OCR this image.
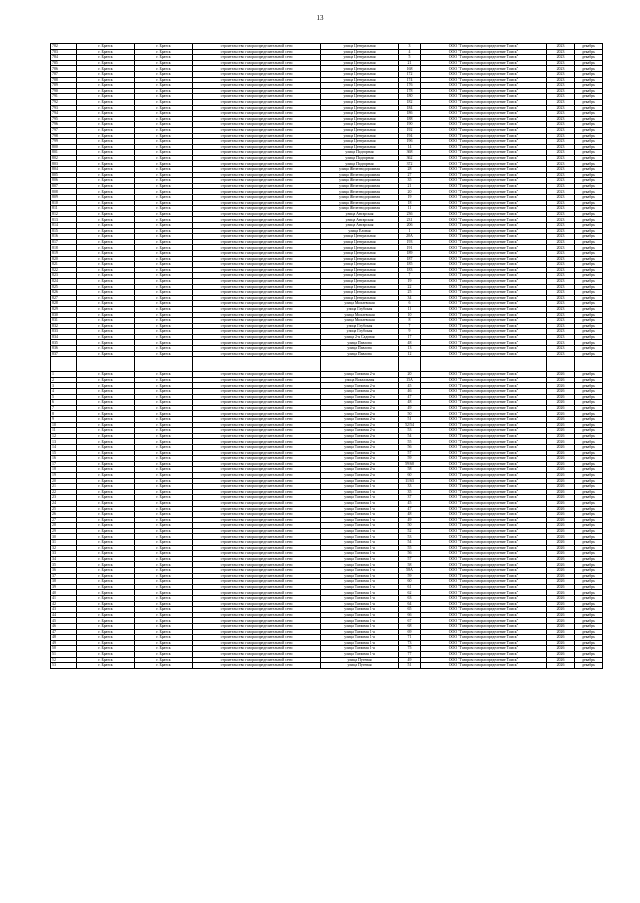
13
782	г. Братск	г. Братск	строительство газораспределительной сети	улица Центральная	3	ООО "Газпром газораспределение Томск"	2023	декабрь
783	г. Братск	г. Братск	строительство газораспределительной сети	улица Центральная	4	ООО "Газпром газораспределение Томск"	2023	декабрь
784	г. Братск	г. Братск	строительство газораспределительной сети	улица Центральная	5	ООО "Газпром газораспределение Томск"	2023	декабрь
785	г. Братск	г. Братск	строительство газораспределительной сети	улица Центральная	21	ООО "Газпром газораспределение Томск"	2023	декабрь
786	г. Братск	г. Братск	строительство газораспределительной сети	улица Центральная	168	ООО "Газпром газораспределение Томск"	2023	декабрь
787	г. Братск	г. Братск	строительство газораспределительной сети	улица Центральная	172	ООО "Газпром газораспределение Томск"	2023	декабрь
788	г. Братск	г. Братск	строительство газораспределительной сети	улица Центральная	174	ООО "Газпром газораспределение Томск"	2023	декабрь
789	г. Братск	г. Братск	строительство газораспределительной сети	улица Центральная	176	ООО "Газпром газораспределение Томск"	2023	декабрь
790	г. Братск	г. Братск	строительство газораспределительной сети	улица Центральная	178	ООО "Газпром газораспределение Томск"	2023	декабрь
791	г. Братск	г. Братск	строительство газораспределительной сети	улица Центральная	180	ООО "Газпром газораспределение Томск"	2023	декабрь
792	г. Братск	г. Братск	строительство газораспределительной сети	улица Центральная	182	ООО "Газпром газораспределение Томск"	2023	декабрь
793	г. Братск	г. Братск	строительство газораспределительной сети	улица Центральная	184	ООО "Газпром газораспределение Томск"	2023	декабрь
794	г. Братск	г. Братск	строительство газораспределительной сети	улица Центральная	186	ООО "Газпром газораспределение Томск"	2023	декабрь
795	г. Братск	г. Братск	строительство газораспределительной сети	улица Центральная	188	ООО "Газпром газораспределение Томск"	2023	декабрь
796	г. Братск	г. Братск	строительство газораспределительной сети	улица Центральная	190	ООО "Газпром газораспределение Томск"	2023	декабрь
797	г. Братск	г. Братск	строительство газораспределительной сети	улица Центральная	192	ООО "Газпром газораспределение Томск"	2023	декабрь
798	г. Братск	г. Братск	строительство газораспределительной сети	улица Центральная	194	ООО "Газпром газораспределение Томск"	2023	декабрь
799	г. Братск	г. Братск	строительство газораспределительной сети	улица Центральная	196	ООО "Газпром газораспределение Томск"	2023	декабрь
800	г. Братск	г. Братск	строительство газораспределительной сети	улица Центральная	14	ООО "Газпром газораспределение Томск"	2023	декабрь
801	г. Братск	г. Братск	строительство газораспределительной сети	улица Подгорная	368	ООО "Газпром газораспределение Томск"	2023	декабрь
802	г. Братск	г. Братск	строительство газораспределительной сети	улица Подгорная	362	ООО "Газпром газораспределение Томск"	2023	декабрь
803	г. Братск	г. Братск	строительство газораспределительной сети	улица Подгорная	372	ООО "Газпром газораспределение Томск"	2023	декабрь
804	г. Братск	г. Братск	строительство газораспределительной сети	улица Железнодорожная	28	ООО "Газпром газораспределение Томск"	2023	декабрь
805	г. Братск	г. Братск	строительство газораспределительной сети	улица Железнодорожная	27	ООО "Газпром газораспределение Томск"	2023	декабрь
806	г. Братск	г. Братск	строительство газораспределительной сети	улица Железнодорожная	35	ООО "Газпром газораспределение Томск"	2023	декабрь
807	г. Братск	г. Братск	строительство газораспределительной сети	улица Железнодорожная	21	ООО "Газпром газораспределение Томск"	2023	декабрь
808	г. Братск	г. Братск	строительство газораспределительной сети	улица Железнодорожная	20	ООО "Газпром газораспределение Томск"	2023	декабрь
809	г. Братск	г. Братск	строительство газораспределительной сети	улица Железнодорожная	19	ООО "Газпром газораспределение Томск"	2023	декабрь
810	г. Братск	г. Братск	строительство газораспределительной сети	улица Железнодорожная	18	ООО "Газпром газораспределение Томск"	2023	декабрь
811	г. Братск	г. Братск	строительство газораспределительной сети	улица Железнодорожная	11	ООО "Газпром газораспределение Томск"	2023	декабрь
812	г. Братск	г. Братск	строительство газораспределительной сети	улица Ангарская	236	ООО "Газпром газораспределение Томск"	2023	декабрь
813	г. Братск	г. Братск	строительство газораспределительной сети	улица Ангарская	231	ООО "Газпром газораспределение Томск"	2023	декабрь
814	г. Братск	г. Братск	строительство газораспределительной сети	улица Ангарская	206	ООО "Газпром газораспределение Томск"	2023	декабрь
815	г. Братск	г. Братск	строительство газораспределительной сети	улица Еловая	1	ООО "Газпром газораспределение Томск"	2023	декабрь
816	г. Братск	г. Братск	строительство газораспределительной сети	улица Центральная	20А	ООО "Газпром газораспределение Томск"	2023	декабрь
817	г. Братск	г. Братск	строительство газораспределительной сети	улица Центральная	193	ООО "Газпром газораспределение Томск"	2023	декабрь
818	г. Братск	г. Братск	строительство газораспределительной сети	улица Центральная	191	ООО "Газпром газораспределение Томск"	2023	декабрь
819	г. Братск	г. Братск	строительство газораспределительной сети	улица Центральная	189	ООО "Газпром газораспределение Томск"	2023	декабрь
820	г. Братск	г. Братск	строительство газораспределительной сети	улица Центральная	187	ООО "Газпром газораспределение Томск"	2023	декабрь
821	г. Братск	г. Братск	строительство газораспределительной сети	улица Центральная	185	ООО "Газпром газораспределение Томск"	2023	декабрь
822	г. Братск	г. Братск	строительство газораспределительной сети	улица Центральная	183	ООО "Газпром газораспределение Томск"	2023	декабрь
823	г. Братск	г. Братск	строительство газораспределительной сети	улица Центральная	7	ООО "Газпром газораспределение Томск"	2023	декабрь
824	г. Братск	г. Братск	строительство газораспределительной сети	улица Центральная	19	ООО "Газпром газораспределение Томск"	2023	декабрь
825	г. Братск	г. Братск	строительство газораспределительной сети	улица Центральная	22	ООО "Газпром газораспределение Томск"	2023	декабрь
826	г. Братск	г. Братск	строительство газораспределительной сети	улица Центральная	25	ООО "Газпром газораспределение Томск"	2023	декабрь
827	г. Братск	г. Братск	строительство газораспределительной сети	улица Центральная	34	ООО "Газпром газораспределение Томск"	2023	декабрь
828	г. Братск	г. Братск	строительство газораспределительной сети	улица Михаевская	6	ООО "Газпром газораспределение Томск"	2023	декабрь
829	г. Братск	г. Братск	строительство газораспределительной сети	улица Глубокая	11	ООО "Газпром газораспределение Томск"	2023	декабрь
830	г. Братск	г. Братск	строительство газораспределительной сети	улица Михаевская	10	ООО "Газпром газораспределение Томск"	2023	декабрь
831	г. Братск	г. Братск	строительство газораспределительной сети	улица Михаевская	8	ООО "Газпром газораспределение Томск"	2023	декабрь
832	г. Братск	г. Братск	строительство газораспределительной сети	улица Глубокая	7	ООО "Газпром газораспределение Томск"	2023	декабрь
833	г. Братск	г. Братск	строительство газораспределительной сети	улица Глубокая	9	ООО "Газпром газораспределение Томск"	2023	декабрь
834	г. Братск	г. Братск	строительство газораспределительной сети	улица 2-я Садовая	17	ООО "Газпром газораспределение Томск"	2023	декабрь
835	г. Братск	г. Братск	строительство газораспределительной сети	улица Павлова	48	ООО "Газпром газораспределение Томск"	2023	декабрь
836	г. Братск	г. Братск	строительство газораспределительной сети	улица Павлова	13	ООО "Газпром газораспределение Томск"	2023	декабрь
837	г. Братск	г. Братск	строительство газораспределительной сети	улица Павлова	12	ООО "Газпром газораспределение Томск"	2023	декабрь

1	г. Братск	г. Братск	строительство газораспределительной сети	улица Таежная 2-я	20	ООО "Газпром газораспределение Томск"	2026	декабрь
2	г. Братск	г. Братск	строительство газораспределительной сети	улица Вокзальная	15А	ООО "Газпром газораспределение Томск"	2026	декабрь
3	г. Братск	г. Братск	строительство газораспределительной сети	улица Таежная 2-я	45	ООО "Газпром газораспределение Томск"	2026	декабрь
4	г. Братск	г. Братск	строительство газораспределительной сети	улица Таежная 2-я	46	ООО "Газпром газораспределение Томск"	2026	декабрь
5	г. Братск	г. Братск	строительство газораспределительной сети	улица Таежная 2-я	47	ООО "Газпром газораспределение Томск"	2026	декабрь
6	г. Братск	г. Братск	строительство газораспределительной сети	улица Таежная 2-я	48	ООО "Газпром газораспределение Томск"	2026	декабрь
7	г. Братск	г. Братск	строительство газораспределительной сети	улица Таежная 2-я	49	ООО "Газпром газораспределение Томск"	2026	декабрь
8	г. Братск	г. Братск	строительство газораспределительной сети	улица Таежная 2-я	50	ООО "Газпром газораспределение Томск"	2026	декабрь
9	г. Братск	г. Братск	строительство газораспределительной сети	улица Таежная 2-я	51	ООО "Газпром газораспределение Томск"	2026	декабрь
10	г. Братск	г. Братск	строительство газораспределительной сети	улица Таежная 2-я	52/54	ООО "Газпром газораспределение Томск"	2026	декабрь
11	г. Братск	г. Братск	строительство газораспределительной сети	улица Таежная 2-я	53	ООО "Газпром газораспределение Томск"	2026	декабрь
12	г. Братск	г. Братск	строительство газораспределительной сети	улица Таежная 2-я	54	ООО "Газпром газораспределение Томск"	2026	декабрь
13	г. Братск	г. Братск	строительство газораспределительной сети	улица Таежная 2-я	55	ООО "Газпром газораспределение Томск"	2026	декабрь
14	г. Братск	г. Братск	строительство газораспределительной сети	улица Таежная 2-я	56	ООО "Газпром газораспределение Томск"	2026	декабрь
15	г. Братск	г. Братск	строительство газораспределительной сети	улица Таежная 2-я	57	ООО "Газпром газораспределение Томск"	2026	декабрь
16	г. Братск	г. Братск	строительство газораспределительной сети	улица Таежная 2-я	59	ООО "Газпром газораспределение Томск"	2026	декабрь
17	г. Братск	г. Братск	строительство газораспределительной сети	улица Таежная 2-я	59/60	ООО "Газпром газораспределение Томск"	2026	декабрь
18	г. Братск	г. Братск	строительство газораспределительной сети	улица Таежная 2-я	58	ООО "Газпром газораспределение Томск"	2026	декабрь
19	г. Братск	г. Братск	строительство газораспределительной сети	улица Таежная 2-я	60	ООО "Газпром газораспределение Томск"	2026	декабрь
20	г. Братск	г. Братск	строительство газораспределительной сети	улица Таежная 2-я	11/63	ООО "Газпром газораспределение Томск"	2026	декабрь
21	г. Братск	г. Братск	строительство газораспределительной сети	улица Таежная 1-я	33	ООО "Газпром газораспределение Томск"	2026	декабрь
22	г. Братск	г. Братск	строительство газораспределительной сети	улица Таежная 1-я	35	ООО "Газпром газораспределение Томск"	2026	декабрь
23	г. Братск	г. Братск	строительство газораспределительной сети	улица Таежная 1-я	37	ООО "Газпром газораспределение Томск"	2026	декабрь
24	г. Братск	г. Братск	строительство газораспределительной сети	улица Таежная 1-я	45	ООО "Газпром газораспределение Томск"	2026	декабрь
25	г. Братск	г. Братск	строительство газораспределительной сети	улица Таежная 1-я	47	ООО "Газпром газораспределение Томск"	2026	декабрь
26	г. Братск	г. Братск	строительство газораспределительной сети	улица Таежная 1-я	48	ООО "Газпром газораспределение Томск"	2026	декабрь
27	г. Братск	г. Братск	строительство газораспределительной сети	улица Таежная 1-я	49	ООО "Газпром газораспределение Томск"	2026	декабрь
28	г. Братск	г. Братск	строительство газораспределительной сети	улица Таежная 1-я	50	ООО "Газпром газораспределение Томск"	2026	декабрь
29	г. Братск	г. Братск	строительство газораспределительной сети	улица Таежная 1-я	52	ООО "Газпром газораспределение Томск"	2026	декабрь
30	г. Братск	г. Братск	строительство газораспределительной сети	улица Таежная 1-я	53	ООО "Газпром газораспределение Томск"	2026	декабрь
31	г. Братск	г. Братск	строительство газораспределительной сети	улица Таежная 1-я	54	ООО "Газпром газораспределение Томск"	2026	декабрь
32	г. Братск	г. Братск	строительство газораспределительной сети	улица Таежная 1-я	55	ООО "Газпром газораспределение Томск"	2026	декабрь
33	г. Братск	г. Братск	строительство газораспределительной сети	улица Таежная 1-я	56	ООО "Газпром газораспределение Томск"	2026	декабрь
34	г. Братск	г. Братск	строительство газораспределительной сети	улица Таежная 1-я	57	ООО "Газпром газораспределение Томск"	2026	декабрь
35	г. Братск	г. Братск	строительство газораспределительной сети	улица Таежная 1-я	58	ООО "Газпром газораспределение Томск"	2026	декабрь
36	г. Братск	г. Братск	строительство газораспределительной сети	улица Таежная 1-я	58А	ООО "Газпром газораспределение Томск"	2026	декабрь
37	г. Братск	г. Братск	строительство газораспределительной сети	улица Таежная 1-я	59	ООО "Газпром газораспределение Томск"	2026	декабрь
38	г. Братск	г. Братск	строительство газораспределительной сети	улица Таежная 1-я	60	ООО "Газпром газораспределение Томск"	2026	декабрь
39	г. Братск	г. Братск	строительство газораспределительной сети	улица Таежная 1-я	61	ООО "Газпром газораспределение Томск"	2026	декабрь
40	г. Братск	г. Братск	строительство газораспределительной сети	улица Таежная 1-я	62	ООО "Газпром газораспределение Томск"	2026	декабрь
41	г. Братск	г. Братск	строительство газораспределительной сети	улица Таежная 1-я	63	ООО "Газпром газораспределение Томск"	2026	декабрь
42	г. Братск	г. Братск	строительство газораспределительной сети	улица Таежная 1-я	64	ООО "Газпром газораспределение Томск"	2026	декабрь
43	г. Братск	г. Братск	строительство газораспределительной сети	улица Таежная 1-я	65	ООО "Газпром газораспределение Томск"	2026	декабрь
44	г. Братск	г. Братск	строительство газораспределительной сети	улица Таежная 1-я	66	ООО "Газпром газораспределение Томск"	2026	декабрь
45	г. Братск	г. Братск	строительство газораспределительной сети	улица Таежная 1-я	67	ООО "Газпром газораспределение Томск"	2026	декабрь
46	г. Братск	г. Братск	строительство газораспределительной сети	улица Таежная 1-я	68	ООО "Газпром газораспределение Томск"	2026	декабрь
47	г. Братск	г. Братск	строительство газораспределительной сети	улица Таежная 1-я	69	ООО "Газпром газораспределение Томск"	2026	декабрь
48	г. Братск	г. Братск	строительство газораспределительной сети	улица Таежная 1-я	71	ООО "Газпром газораспределение Томск"	2026	декабрь
49	г. Братск	г. Братск	строительство газораспределительной сети	улица Таежная 1-я	73	ООО "Газпром газораспределение Томск"	2026	декабрь
50	г. Братск	г. Братск	строительство газораспределительной сети	улица Таежная 1-я	75	ООО "Газпром газораспределение Томск"	2026	декабрь
51	г. Братск	г. Братск	строительство газораспределительной сети	улица Таежная 1-я	77	ООО "Газпром газораспределение Томск"	2026	декабрь
52	г. Братск	г. Братск	строительство газораспределительной сети	улица Путевая	49	ООО "Газпром газораспределение Томск"	2026	декабрь
53	г. Братск	г. Братск	строительство газораспределительной сети	улица Путевая	51	ООО "Газпром газораспределение Томск"	2026	декабрь
